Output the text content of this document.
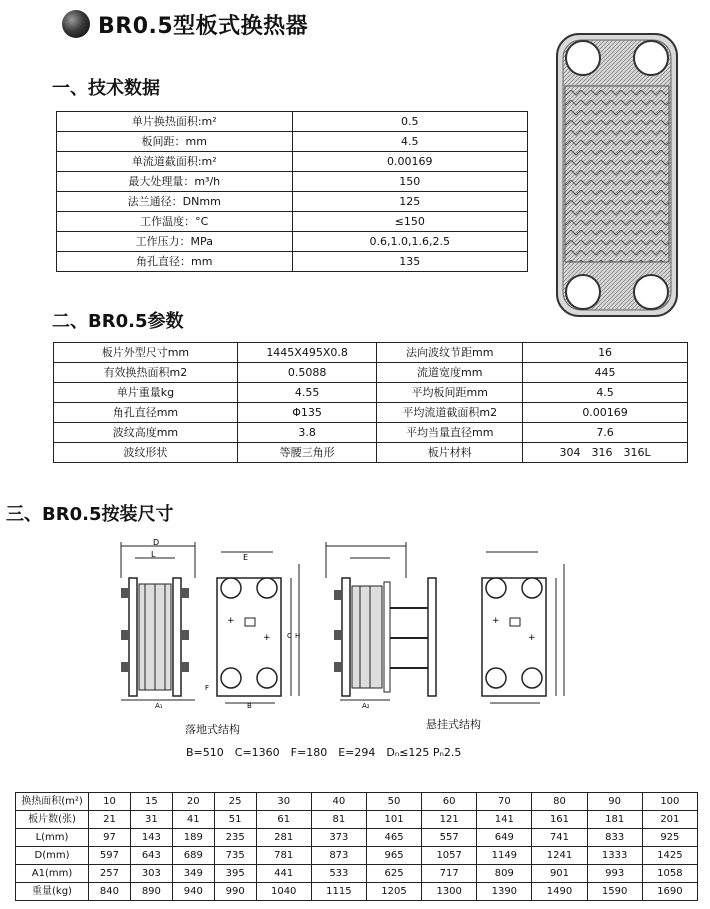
BR0.5型板式换热器
一、技术数据
单片换热面积:m²	0.5
板间距：mm	4.5
单流道截面积:m²	0.00169
最大处理量：m³/h	150
法兰通径：DNmm	125
工作温度：°C	≤150
工作压力：MPa	0.6,1.0,1.6,2.5
角孔直径：mm	135
二、BR0.5参数
板片外型尺寸mm	1445X495X0.8	法向波纹节距mm	16
有效换热面积m2	0.5088	流道宽度mm	445
单片重量kg	4.55	平均板间距mm	4.5
角孔直径mm	Φ135	平均流道截面积m2	0.00169
波纹高度mm	3.8	平均当量直径mm	7.6
波纹形状	等腰三角形	板片材料	304　316　316L
三、BR0.5按装尺寸
D
L
A₁
E
+
+ C H
F
B	A₂
+
+
落地式结构	悬挂式结构
B=510　C=1360　F=180　E=294　Dₙ≤125 Pₙ2.5
换热面积(m²)	10	15	20	25	30	40	50	60	70	80	90	100
板片数(张)	21	31	41	51	61	81	101	121	141	161	181	201
L(mm)	97	143	189	235	281	373	465	557	649	741	833	925
D(mm)	597	643	689	735	781	873	965	1057	1149	1241	1333	1425
A1(mm)	257	303	349	395	441	533	625	717	809	901	993	1058
重量(kg)	840	890	940	990	1040	1115	1205	1300	1390	1490	1590	1690
